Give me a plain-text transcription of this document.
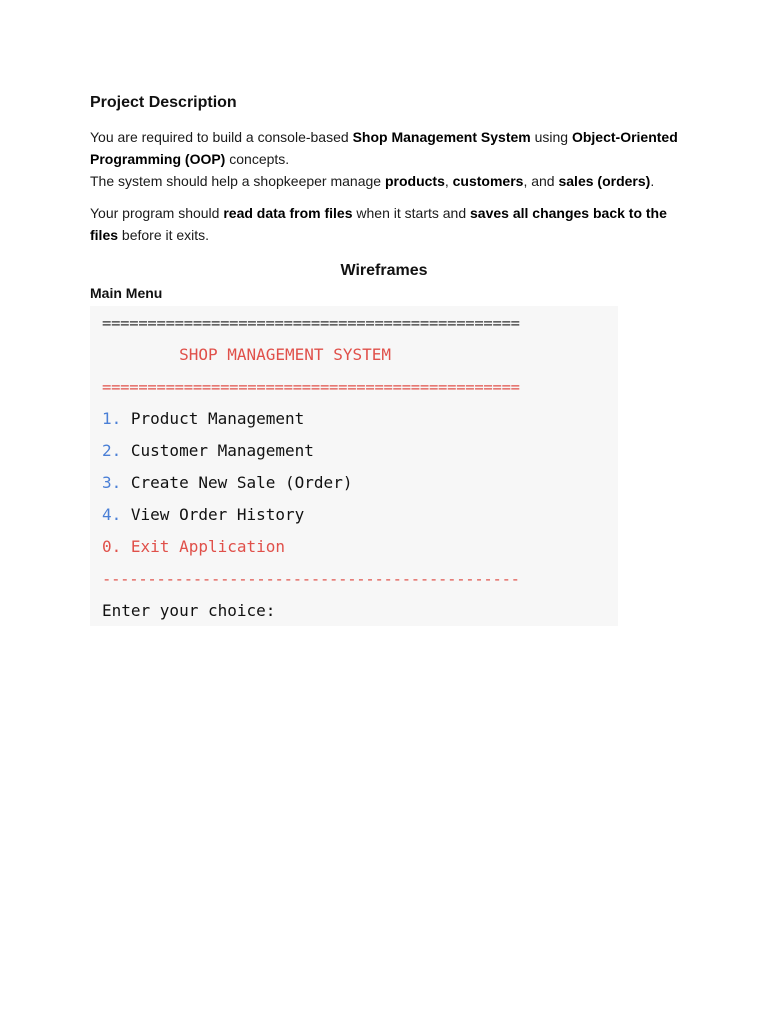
Project Description

You are required to build a console-based Shop Management System using Object-Oriented Programming (OOP) concepts.

The system should help a shopkeeper manage products, customers, and sales (orders).

Your program should read data from files when it starts and saves all changes back to the files before it exits.

Wireframes
Main Menu
==============================================
SHOP MANAGEMENT SYSTEM
==============================================
1. Product Management
2. Customer Management
3. Create New Sale (Order)
4. View Order History
0. Exit Application
----------------------------------------------
Enter your choice:
